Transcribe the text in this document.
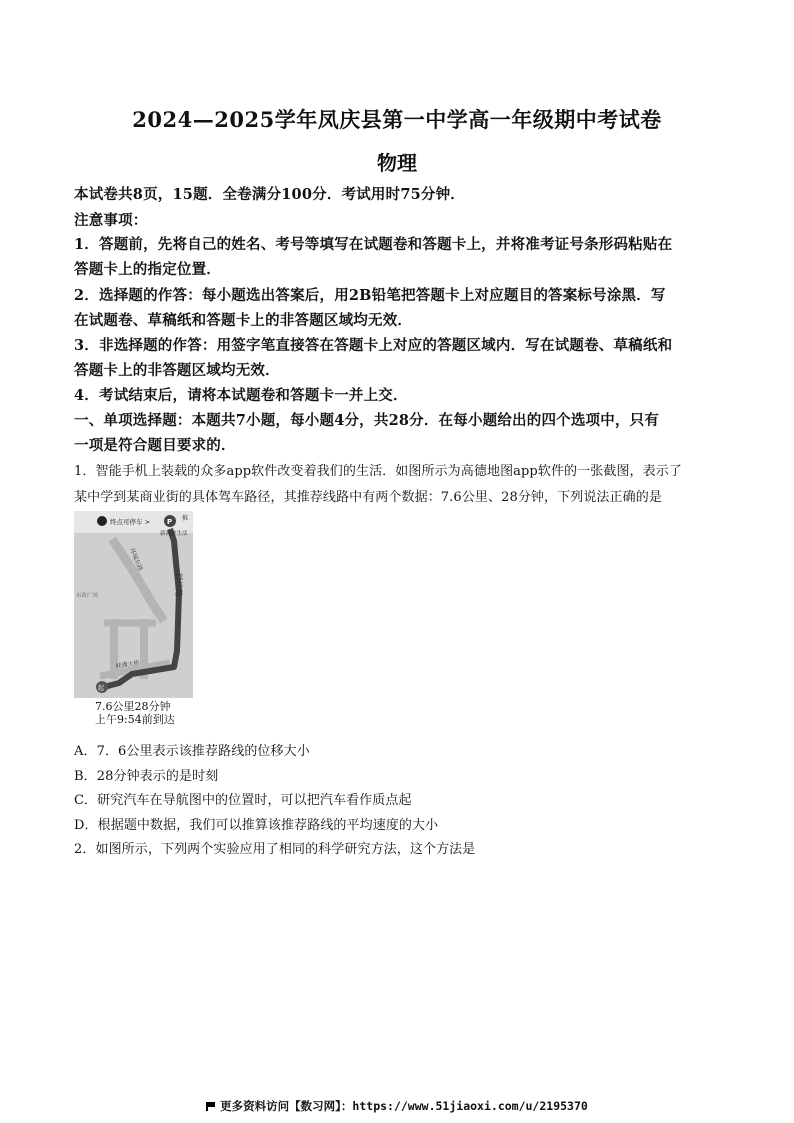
2024—2025学年凤庆县第一中学高一年级期中考试卷
物理
本试卷共8页，15题．全卷满分100分．考试用时75分钟．
注意事项：
1．答题前，先将自己的姓名、考号等填写在试题卷和答题卡上，并将准考证号条形码粘贴在
答题卡上的指定位置．
2．选择题的作答：每小题选出答案后，用2B铅笔把答题卡上对应题目的答案标号涂黑．写
在试题卷、草稿纸和答题卡上的非答题区域均无效．
3．非选择题的作答：用签字笔直接答在答题卡上对应的答题区域内．写在试题卷、草稿纸和
答题卡上的非答题区域均无效．
4．考试结束后，请将本试题卷和答题卡一并上交．
一、单项选择题：本题共7小题，每小题4分，共28分．在每小题给出的四个选项中，只有
一项是符合题目要求的．
1．智能手机上装载的众多app软件改变着我们的生活．如图所示为高德地图app软件的一张截图，表示了
某中学到某商业街的具体驾车路径，其推荐线路中有两个数据：7.6公里、28分钟，下列说法正确的是
终点可停车 > P 推
新商业生活
环城东路
跃进路
市政广场
桂滩大桥
起
7.6公里28分钟
上午9:54前到达
A．7．6公里表示该推荐路线的位移大小
B．28分钟表示的是时刻
C．研究汽车在导航图中的位置时，可以把汽车看作质点起
D．根据题中数据，我们可以推算该推荐路线的平均速度的大小
2．如图所示，下列两个实验应用了相同的科学研究方法，这个方法是
更多资料访问【数习网】：https://www.51jiaoxi.com/u/2195370
